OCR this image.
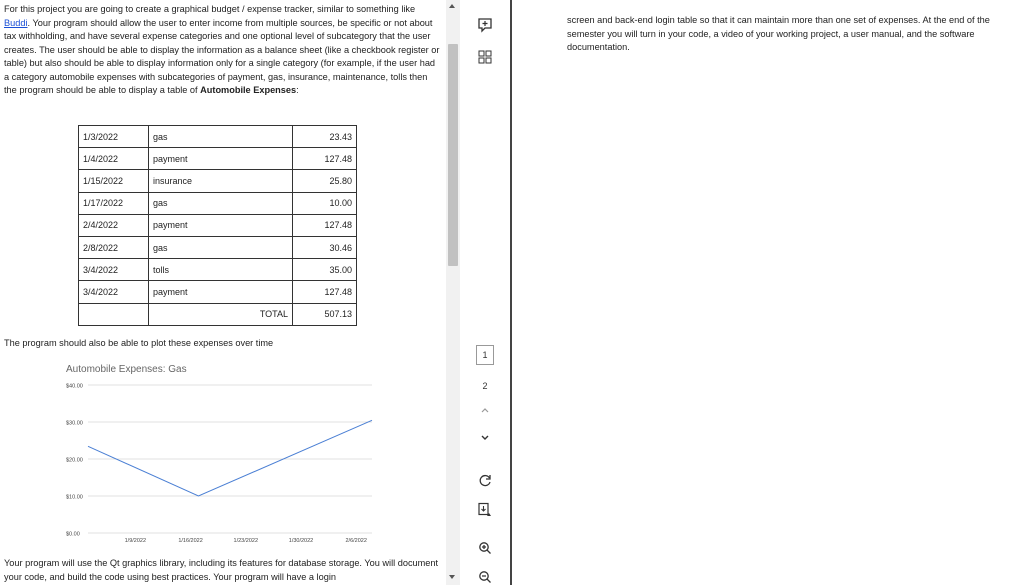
For this project you are going to create a graphical budget / expense tracker, similar to something like Buddi. Your program should allow the user to enter income from multiple sources, be specific or not about tax withholding, and have several expense categories and one optional level of subcategory that the user creates. The user should be able to display the information as a balance sheet (like a checkbook register or table) but also should be able to display information only for a single category (for example, if the user had a category automobile expenses with subcategories of payment, gas, insurance, maintenance, tolls then the program should be able to display a table of Automobile Expenses:
1/3/2022	gas	23.43
1/4/2022	payment	127.48
1/15/2022	insurance	25.80
1/17/2022	gas	10.00
2/4/2022	payment	127.48
2/8/2022	gas	30.46
3/4/2022	tolls	35.00
3/4/2022	payment	127.48
	TOTAL	507.13
The program should also be able to plot these expenses over time
Automobile Expenses: Gas
$40.00
$30.00
$20.00
$10.00
$0.00
1/9/2022	1/16/2022	1/23/2022	1/30/2022	2/6/2022
Your program will use the Qt graphics library, including its features for database storage. You will document your code, and build the code using best practices. Your program will have a login
1
2
screen and back-end login table so that it can maintain more than one set of expenses. At the end of the semester you will turn in your code, a video of your working project, a user manual, and the software documentation.
